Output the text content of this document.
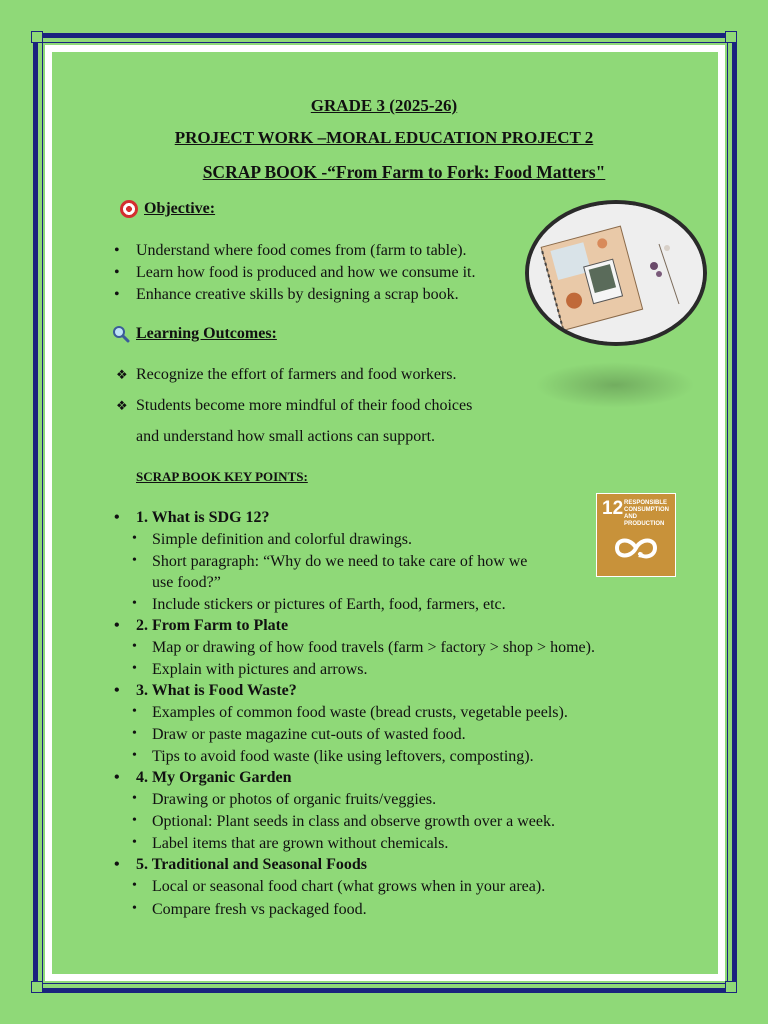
GRADE 3 (2025-26)
PROJECT WORK –MORAL EDUCATION PROJECT 2
SCRAP BOOK -“From Farm to Fork: Food Matters"
Objective:
• Understand where food comes from (farm to table).
• Learn how food is produced and how we consume it.
• Enhance creative skills by designing a scrap book.
Learning Outcomes:
❖ Recognize the effort of farmers and food workers.
❖ Students become more mindful of their food choices
and understand how small actions can support.
SCRAP BOOK KEY POINTS:
12 RESPONSIBLE CONSUMPTION AND PRODUCTION
• 1. What is SDG 12?
• Simple definition and colorful drawings.
• Short paragraph: “Why do we need to take care of how we
use food?”
• Include stickers or pictures of Earth, food, farmers, etc.
• 2. From Farm to Plate
• Map or drawing of how food travels (farm > factory > shop > home).
• Explain with pictures and arrows.
• 3. What is Food Waste?
• Examples of common food waste (bread crusts, vegetable peels).
• Draw or paste magazine cut-outs of wasted food.
• Tips to avoid food waste (like using leftovers, composting).
• 4. My Organic Garden
• Drawing or photos of organic fruits/veggies.
• Optional: Plant seeds in class and observe growth over a week.
• Label items that are grown without chemicals.
• 5. Traditional and Seasonal Foods
• Local or seasonal food chart (what grows when in your area).
• Compare fresh vs packaged food.
